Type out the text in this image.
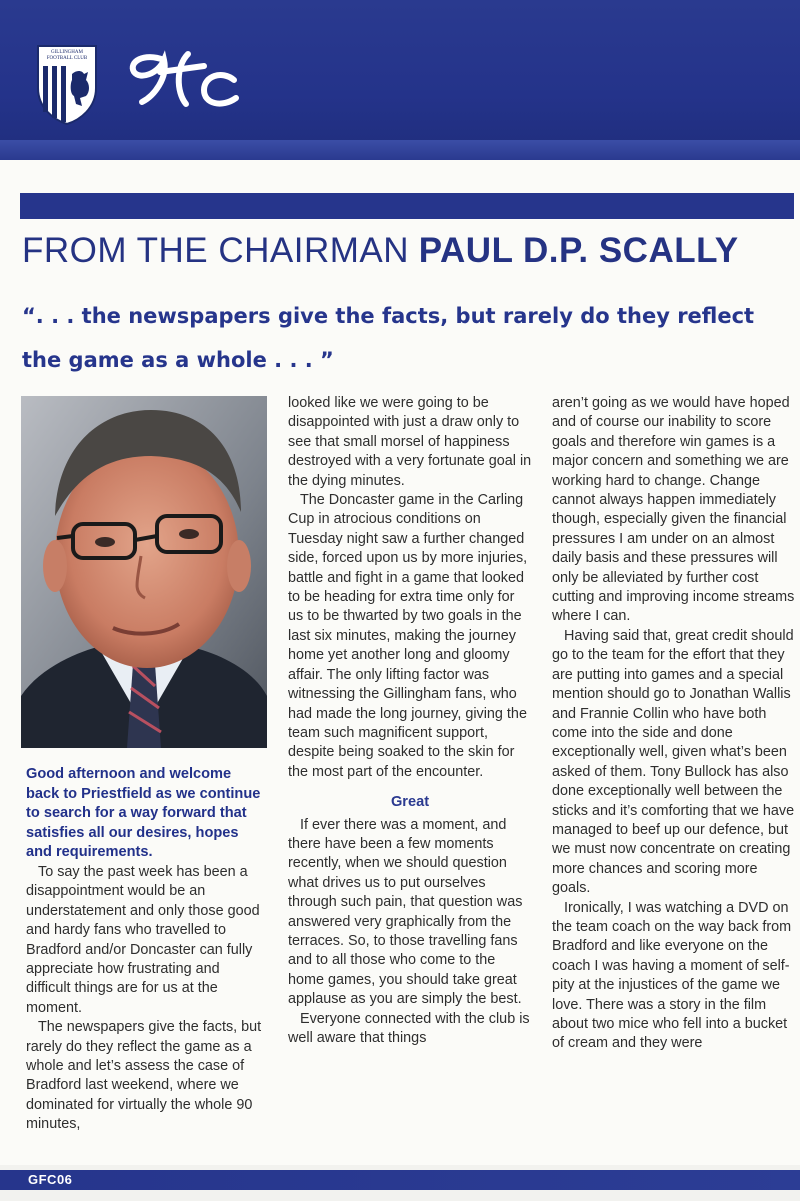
GILLINGHAM FOOTBALL CLUB
gfc
FROM THE CHAIRMAN PAUL D.P. SCALLY
“. . . the newspapers give the facts, but rarely do they reflect the game as a whole . . . ”

Good afternoon and welcome back to Priestfield as we continue to search for a way forward that satisfies all our desires, hopes and requirements.

To say the past week has been a disappointment would be an understatement and only those good and hardy fans who travelled to Bradford and/or Doncaster can fully appreciate how frustrating and difficult things are for us at the moment.

The newspapers give the facts, but rarely do they reflect the game as a whole and let’s assess the case of Bradford last weekend, where we dominated for virtually the whole 90 minutes,

looked like we were going to be disappointed with just a draw only to see that small morsel of happiness destroyed with a very fortunate goal in the dying minutes.

The Doncaster game in the Carling Cup in atrocious conditions on Tuesday night saw a further changed side, forced upon us by more injuries, battle and fight in a game that looked to be heading for extra time only for us to be thwarted by two goals in the last six minutes, making the journey home yet another long and gloomy affair. The only lifting factor was witnessing the Gillingham fans, who had made the long journey, giving the team such magnificent support, despite being soaked to the skin for the most part of the encounter.

Great

If ever there was a moment, and there have been a few moments recently, when we should question what drives us to put ourselves through such pain, that question was answered very graphically from the terraces. So, to those travelling fans and to all those who come to the home games, you should take great applause as you are simply the best.

Everyone connected with the club is well aware that things

aren’t going as we would have hoped and of course our inability to score goals and therefore win games is a major concern and something we are working hard to change. Change cannot always happen immediately though, especially given the financial pressures I am under on an almost daily basis and these pressures will only be alleviated by further cost cutting and improving income streams where I can.

Having said that, great credit should go to the team for the effort that they are putting into games and a special mention should go to Jonathan Wallis and Frannie Collin who have both come into the side and done exceptionally well, given what’s been asked of them. Tony Bullock has also done exceptionally well between the sticks and it’s comforting that we have managed to beef up our defence, but we must now concentrate on creating more chances and scoring more goals.

Ironically, I was watching a DVD on the team coach on the way back from Bradford and like everyone on the coach I was having a moment of self-pity at the injustices of the game we love. There was a story in the film about two mice who fell into a bucket of cream and they were

GFC06
